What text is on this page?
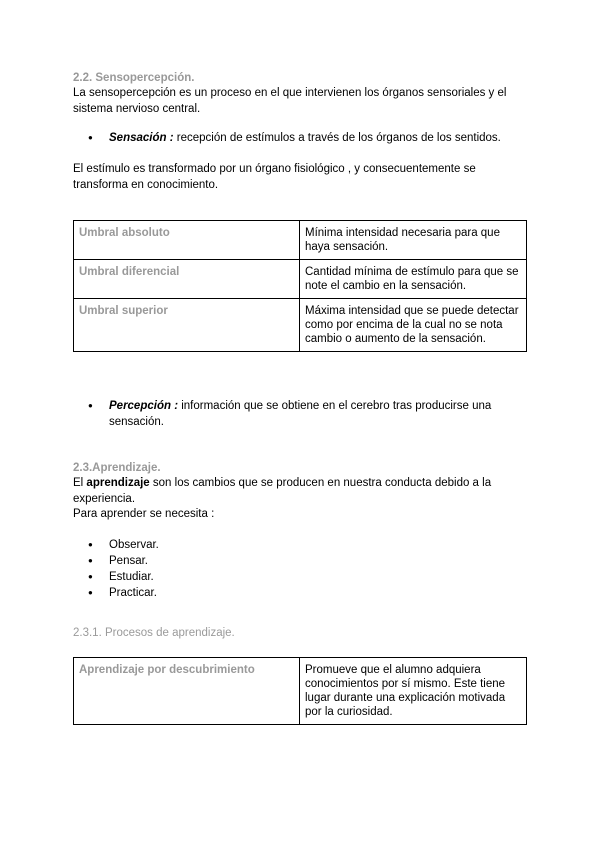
2.2. Sensopercepción.

La sensopercepción es un proceso en el que intervienen los órganos sensoriales y el sistema nervioso central.

● Sensación : recepción de estímulos a través de los órganos de los sentidos.

El estímulo es transformado por un órgano fisiológico , y consecuentemente se transforma en conocimiento.

Umbral absoluto	Mínima intensidad necesaria para que haya sensación.
Umbral diferencial	Cantidad mínima de estímulo para que se note el cambio en la sensación.
Umbral superior	Máxima intensidad que se puede detectar como por encima de la cual no se nota cambio o aumento de la sensación.
● Percepción : información que se obtiene en el cerebro tras producirse una sensación.
2.3.Aprendizaje.

El aprendizaje son los cambios que se producen en nuestra conducta debido a la experiencia.

Para aprender se necesita :

● Observar.
● Pensar.
● Estudiar.
● Practicar.
2.3.1. Procesos de aprendizaje.
Aprendizaje por descubrimiento	Promueve que el alumno adquiera conocimientos por sí mismo. Este tiene lugar durante una explicación motivada por la curiosidad.
